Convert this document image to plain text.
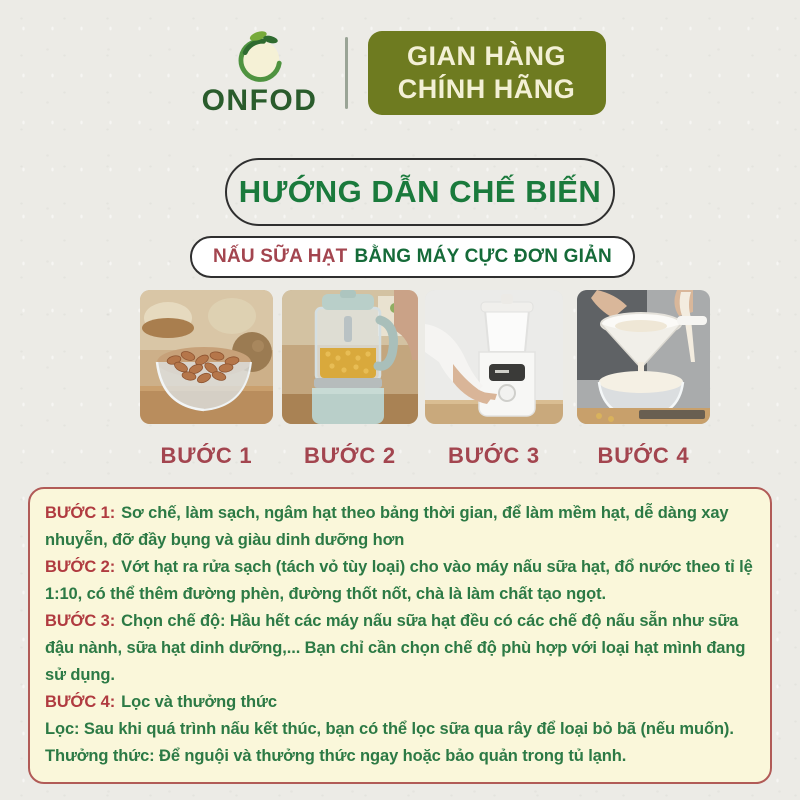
ONFOD
GIAN HÀNG
CHÍNH HÃNG
HƯỚNG DẪN CHẾ BIẾN
NẤU SỮA HẠT BẰNG MÁY CỰC ĐƠN GIẢN
BƯỚC 1	BƯỚC 2	BƯỚC 3	BƯỚC 4

BƯỚC 1: Sơ chế, làm sạch, ngâm hạt theo bảng thời gian, để làm mềm hạt, dễ dàng xay nhuyễn, đỡ đầy bụng và giàu dinh dưỡng hơn

BƯỚC 2: Vớt hạt ra rửa sạch (tách vỏ tùy loại) cho vào máy nấu sữa hạt, đổ nước theo tỉ lệ 1:10, có thể thêm đường phèn, đường thốt nốt, chà là làm chất tạo ngọt.

BƯỚC 3: Chọn chế độ: Hầu hết các máy nấu sữa hạt đều có các chế độ nấu sẵn như sữa đậu nành, sữa hạt dinh dưỡng,... Bạn chỉ cần chọn chế độ phù hợp với loại hạt mình đang sử dụng.

BƯỚC 4: Lọc và thưởng thức

Lọc: Sau khi quá trình nấu kết thúc, bạn có thể lọc sữa qua rây để loại bỏ bã (nếu muốn).

Thưởng thức: Để nguội và thưởng thức ngay hoặc bảo quản trong tủ lạnh.
